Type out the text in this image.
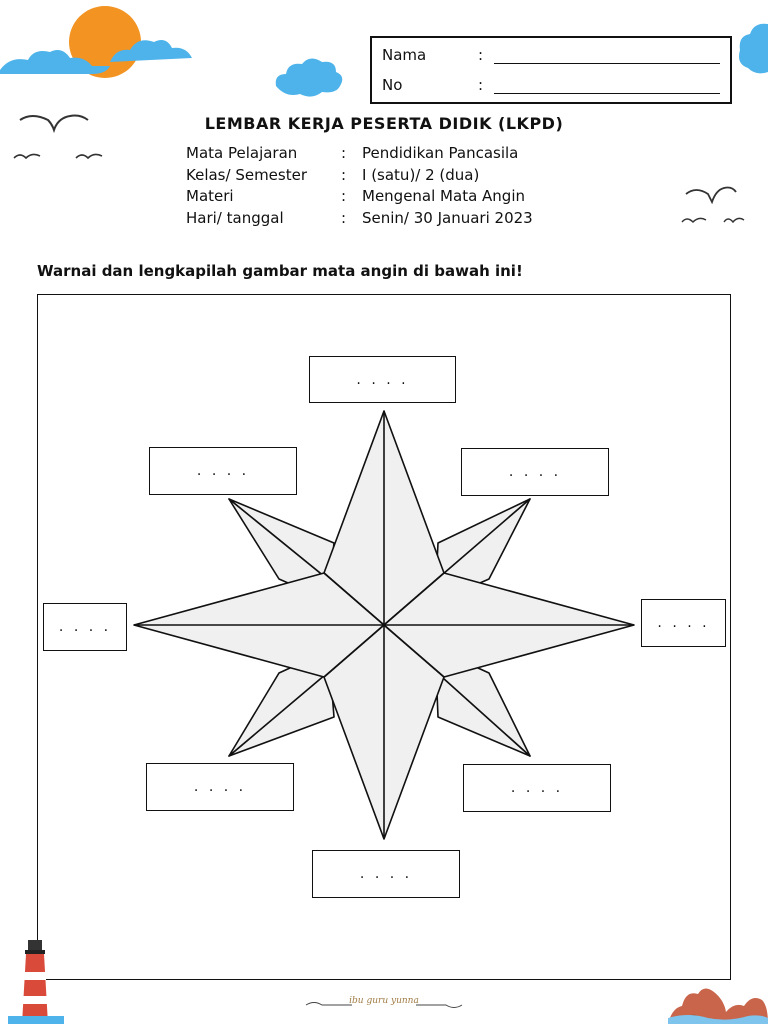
Nama	:
No	:
LEMBAR KERJA PESERTA DIDIK (LKPD)
Mata Pelajaran	: Pendidikan Pancasila
Kelas/ Semester : I (satu)/ 2 (dua)
Materi	: Mengenal Mata Angin
Hari/ tanggal	: Senin/ 30 Januari 2023
Warnai dan lengkapilah gambar mata angin di bawah ini!
. . . .
. . . .	. . . .
. . . .	. . . .
. . . .	. . . .
. . . .
ibu guru yunna
